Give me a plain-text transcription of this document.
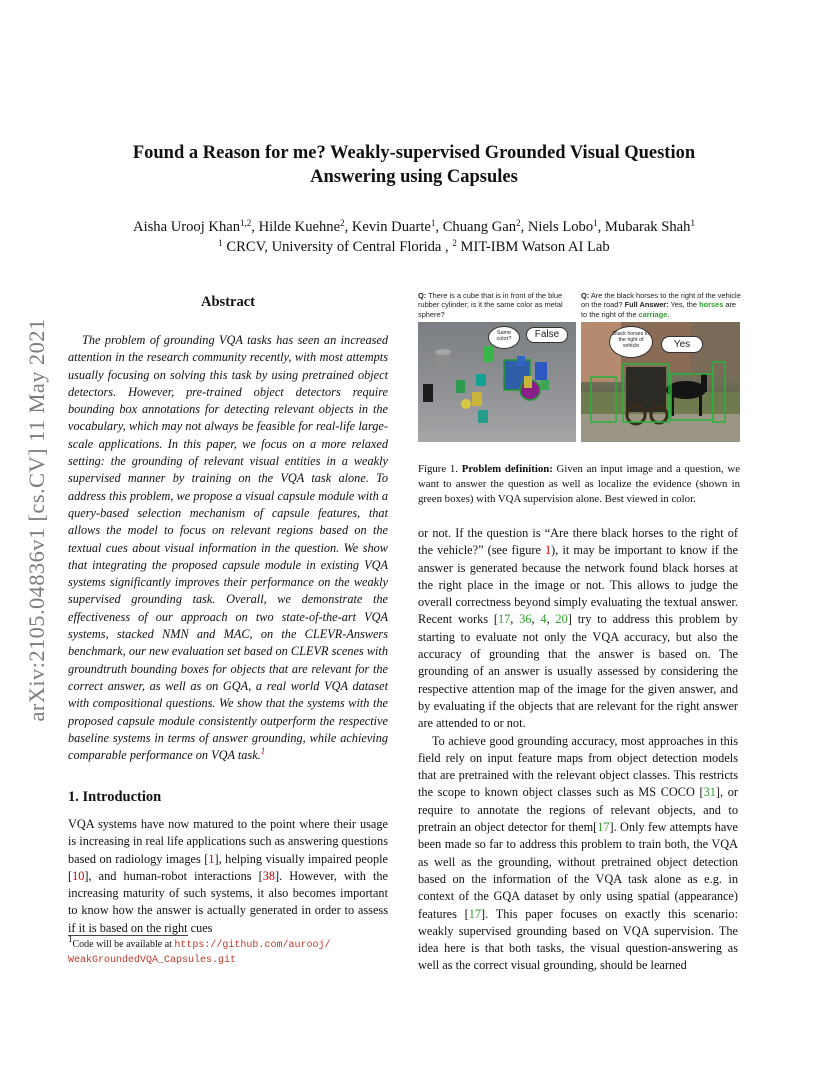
arXiv:2105.04836v1 [cs.CV] 11 May 2021
Found a Reason for me? Weakly-supervised Grounded Visual Question
Answering using Capsules
Aisha Urooj Khan$^{1,2}$, Hilde Kuehne$^2$, Kevin Duarte$^1$, Chuang Gan$^2$, Niels Lobo$^1$, Mubarak Shah$^1$
$^1$ CRCV, University of Central Florida , $^2$ MIT-IBM Watson AI Lab
Abstract

The problem of grounding VQA tasks has seen an increased attention in the research community recently, with most attempts usually focusing on solving this task by using pretrained object detectors. However, pre-trained object detectors require bounding box annotations for detecting relevant objects in the vocabulary, which may not always be feasible for real-life large-scale applications. In this paper, we focus on a more relaxed setting: the grounding of relevant visual entities in a weakly supervised manner by training on the VQA task alone. To address this problem, we propose a visual capsule module with a query-based selection mechanism of capsule features, that allows the model to focus on relevant regions based on the textual cues about visual information in the question. We show that integrating the proposed capsule module in existing VQA systems significantly improves their performance on the weakly supervised grounding task. Overall, we demonstrate the effectiveness of our approach on two state-of-the-art VQA systems, stacked NMN and MAC, on the CLEVR-Answers benchmark, our new evaluation set based on CLEVR scenes with groundtruth bounding boxes for objects that are relevant for the correct answer, as well as on GQA, a real world VQA dataset with compositional questions. We show that the systems with the proposed capsule module consistently outperform the respective baseline systems in terms of answer grounding, while achieving comparable performance on VQA task.$^1$

1. Introduction

VQA systems have now matured to the point where their usage is increasing in real life applications such as answering questions based on radiology images [1], helping visually impaired people [10], and human-robot interactions [38]. However, with the increasing maturity of such systems, it also becomes important to know how the answer is actually generated in order to assess if it is based on the right cues

$^1$Code will be available at https://github.com/aurooj/
WeakGroundedVQA_Capsules.git
Q: There is a cube that is in front of the blue rubber cylinder; is it the same color as metal sphere?
Q: Are the black horses to the right of the vehicle on the road? Full Answer: Yes, the horses are to the right of the carriage.
Same color?	False	Black horses to the right of vehicle	Yes
Figure 1. Problem definition: Given an input image and a question, we want to answer the question as well as localize the evidence (shown in green boxes) with VQA supervision alone. Best viewed in color.

or not. If the question is “Are there black horses to the right of the vehicle?” (see figure 1), it may be important to know if the answer is generated because the network found black horses at the right place in the image or not. This allows to judge the overall correctness beyond simply evaluating the textual answer. Recent works [17, 36, 4, 20] try to address this problem by starting to evaluate not only the VQA accuracy, but also the accuracy of grounding that the answer is based on. The grounding of an answer is usually assessed by considering the respective attention map of the image for the given answer, and by evaluating if the objects that are relevant for the right answer are attended to or not.

To achieve good grounding accuracy, most approaches in this field rely on input feature maps from object detection models that are pretrained with the relevant object classes. This restricts the scope to known object classes such as MS COCO [31], or require to annotate the regions of relevant objects, and to pretrain an object detector for them[17]. Only few attempts have been made so far to address this problem to train both, the VQA as well as the grounding, without pretrained object detection based on the information of the VQA task alone as e.g. in context of the GQA dataset by only using spatial (appearance) features [17]. This paper focuses on exactly this scenario: weakly supervised grounding based on VQA supervision. The idea here is that both tasks, the visual question-answering as well as the correct visual grounding, should be learned
